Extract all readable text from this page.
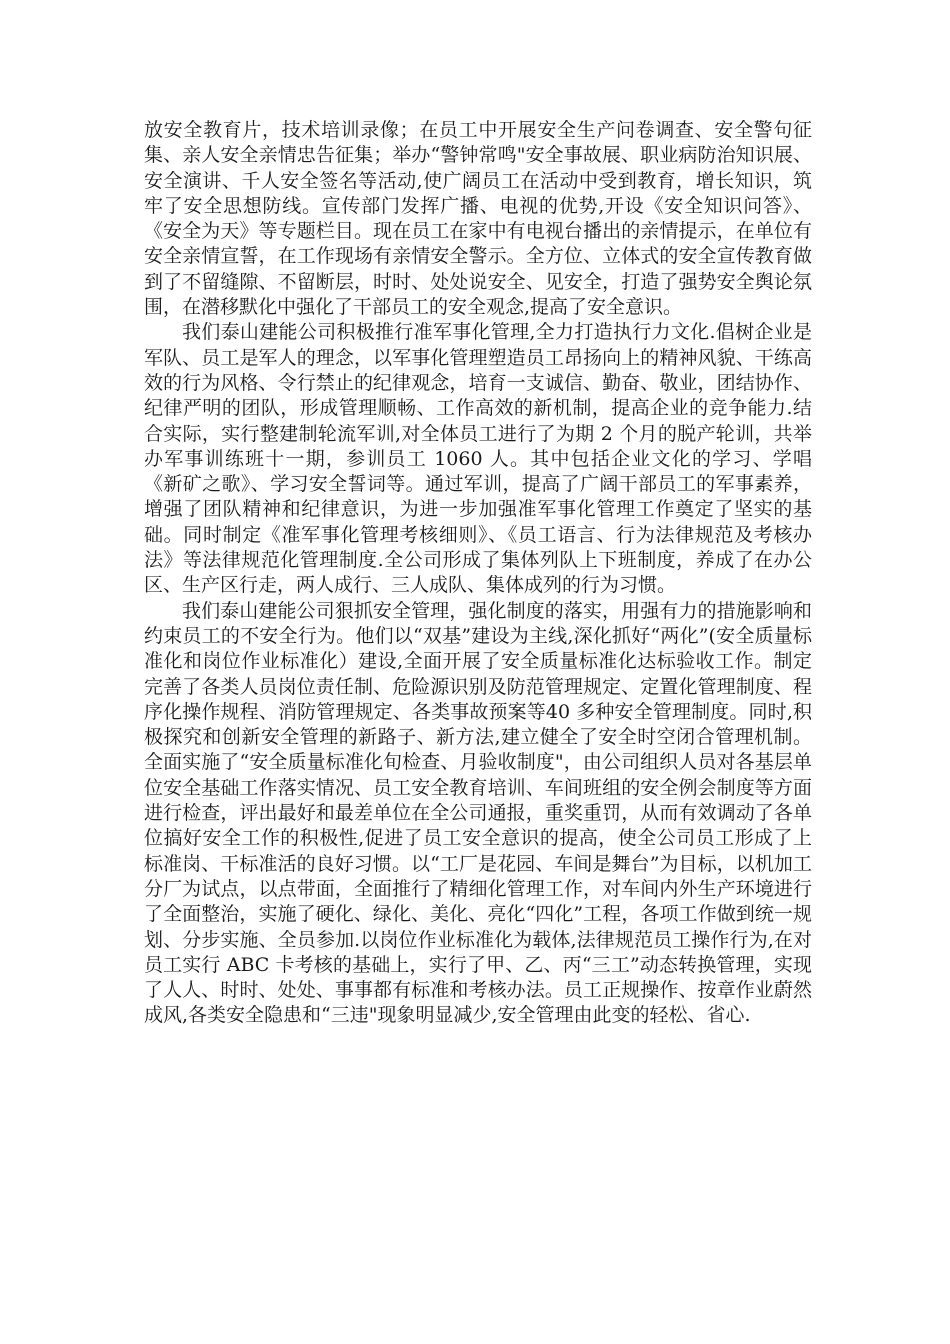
放安全教育片，技术培训录像；在员工中开展安全生产问卷调查、安全警句征集、亲人安全亲情忠告征集；举办“警钟常鸣"安全事故展、职业病防治知识展、安全演讲、千人安全签名等活动,使广阔员工在活动中受到教育，增长知识，筑牢了安全思想防线。宣传部门发挥广播、电视的优势,开设《安全知识问答》、《安全为天》等专题栏目。现在员工在家中有电视台播出的亲情提示，在单位有安全亲情宣誓，在工作现场有亲情安全警示。全方位、立体式的安全宣传教育做到了不留缝隙、不留断层，时时、处处说安全、见安全，打造了强势安全舆论氛围，在潜移默化中强化了干部员工的安全观念,提高了安全意识。

我们泰山建能公司积极推行准军事化管理,全力打造执行力文化.倡树企业是军队、员工是军人的理念，以军事化管理塑造员工昂扬向上的精神风貌、干练高效的行为风格、令行禁止的纪律观念，培育一支诚信、勤奋、敬业，团结协作、纪律严明的团队，形成管理顺畅、工作高效的新机制，提高企业的竞争能力.结合实际，实行整建制轮流军训,对全体员工进行了为期 2 个月的脱产轮训，共举办军事训练班十一期，参训员工 1060 人。其中包括企业文化的学习、学唱《新矿之歌》、学习安全誓词等。通过军训，提高了广阔干部员工的军事素养，增强了团队精神和纪律意识，为进一步加强准军事化管理工作奠定了坚实的基础。同时制定《准军事化管理考核细则》、《员工语言、行为法律规范及考核办法》等法律规范化管理制度.全公司形成了集体列队上下班制度，养成了在办公区、生产区行走，两人成行、三人成队、集体成列的行为习惯。

我们泰山建能公司狠抓安全管理，强化制度的落实，用强有力的措施影响和约束员工的不安全行为。他们以“双基”建设为主线,深化抓好“两化”(安全质量标准化和岗位作业标准化）建设,全面开展了安全质量标准化达标验收工作。制定完善了各类人员岗位责任制、危险源识别及防范管理规定、定置化管理制度、程序化操作规程、消防管理规定、各类事故预案等40 多种安全管理制度。同时,积极探究和创新安全管理的新路子、新方法,建立健全了安全时空闭合管理机制。全面实施了“安全质量标准化旬检查、月验收制度"，由公司组织人员对各基层单位安全基础工作落实情况、员工安全教育培训、车间班组的安全例会制度等方面进行检查，评出最好和最差单位在全公司通报，重奖重罚，从而有效调动了各单位搞好安全工作的积极性,促进了员工安全意识的提高，使全公司员工形成了上标准岗、干标准活的良好习惯。以“工厂是花园、车间是舞台”为目标，以机加工分厂为试点，以点带面，全面推行了精细化管理工作，对车间内外生产环境进行了全面整治，实施了硬化、绿化、美化、亮化“四化”工程，各项工作做到统一规划、分步实施、全员参加.以岗位作业标准化为载体,法律规范员工操作行为,在对员工实行 ABC 卡考核的基础上，实行了甲、乙、丙“三工”动态转换管理，实现了人人、时时、处处、事事都有标准和考核办法。员工正规操作、按章作业蔚然成风,各类安全隐患和“三违"现象明显减少,安全管理由此变的轻松、省心.
